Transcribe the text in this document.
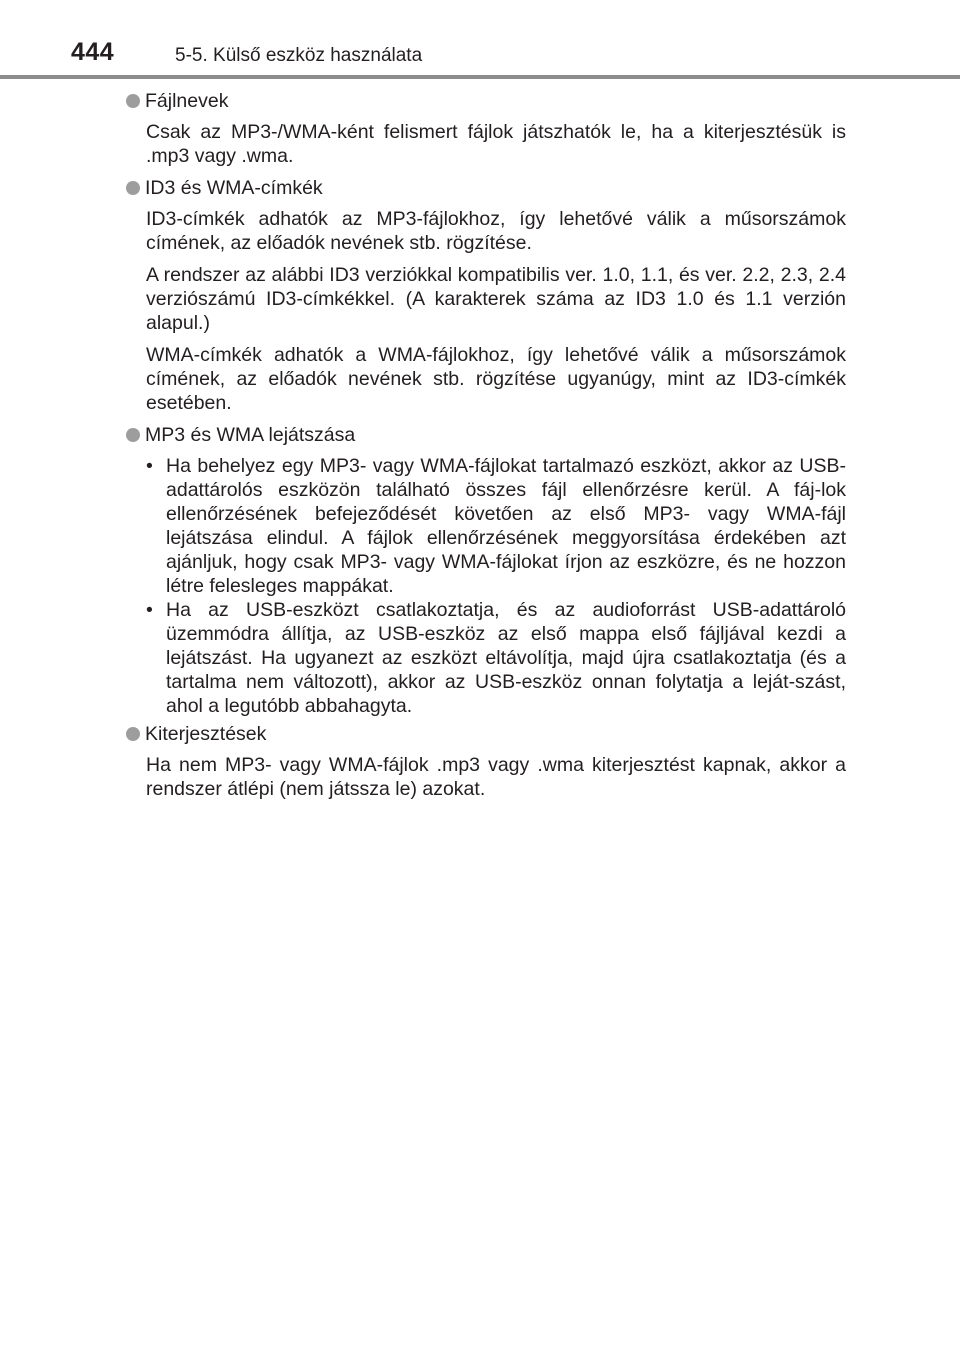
444	5-5. Külső eszköz használata
Fájlnevek

Csak az MP3-/WMA-ként felismert fájlok játszhatók le, ha a kiterjesztésük is .mp3 vagy .wma.

ID3 és WMA-címkék

ID3-címkék adhatók az MP3-fájlokhoz, így lehetővé válik a műsorszámok címének, az előadók nevének stb. rögzítése.

A rendszer az alábbi ID3 verziókkal kompatibilis ver. 1.0, 1.1, és ver. 2.2, 2.3, 2.4 verziószámú ID3-címkékkel. (A karakterek száma az ID3 1.0 és 1.1 verzión alapul.)

WMA-címkék adhatók a WMA-fájlokhoz, így lehetővé válik a műsorszámok címének, az előadók nevének stb. rögzítése ugyanúgy, mint az ID3-címkék esetében.

MP3 és WMA lejátszása
• Ha behelyez egy MP3- vagy WMA-fájlokat tartalmazó eszközt, akkor az USB-adattárolós eszközön található összes fájl ellenőrzésre kerül. A fáj-lok ellenőrzésének befejeződését követően az első MP3- vagy WMA-fájl lejátszása elindul. A fájlok ellenőrzésének meggyorsítása érdekében azt ajánljuk, hogy csak MP3- vagy WMA-fájlokat írjon az eszközre, és ne hozzon létre felesleges mappákat.
• Ha az USB-eszközt csatlakoztatja, és az audioforrást USB-adattároló üzemmódra állítja, az USB-eszköz az első mappa első fájljával kezdi a lejátszást. Ha ugyanezt az eszközt eltávolítja, majd újra csatlakoztatja (és a tartalma nem változott), akkor az USB-eszköz onnan folytatja a leját-szást, ahol a legutóbb abbahagyta.
Kiterjesztések

Ha nem MP3- vagy WMA-fájlok .mp3 vagy .wma kiterjesztést kapnak, akkor a rendszer átlépi (nem játssza le) azokat.
